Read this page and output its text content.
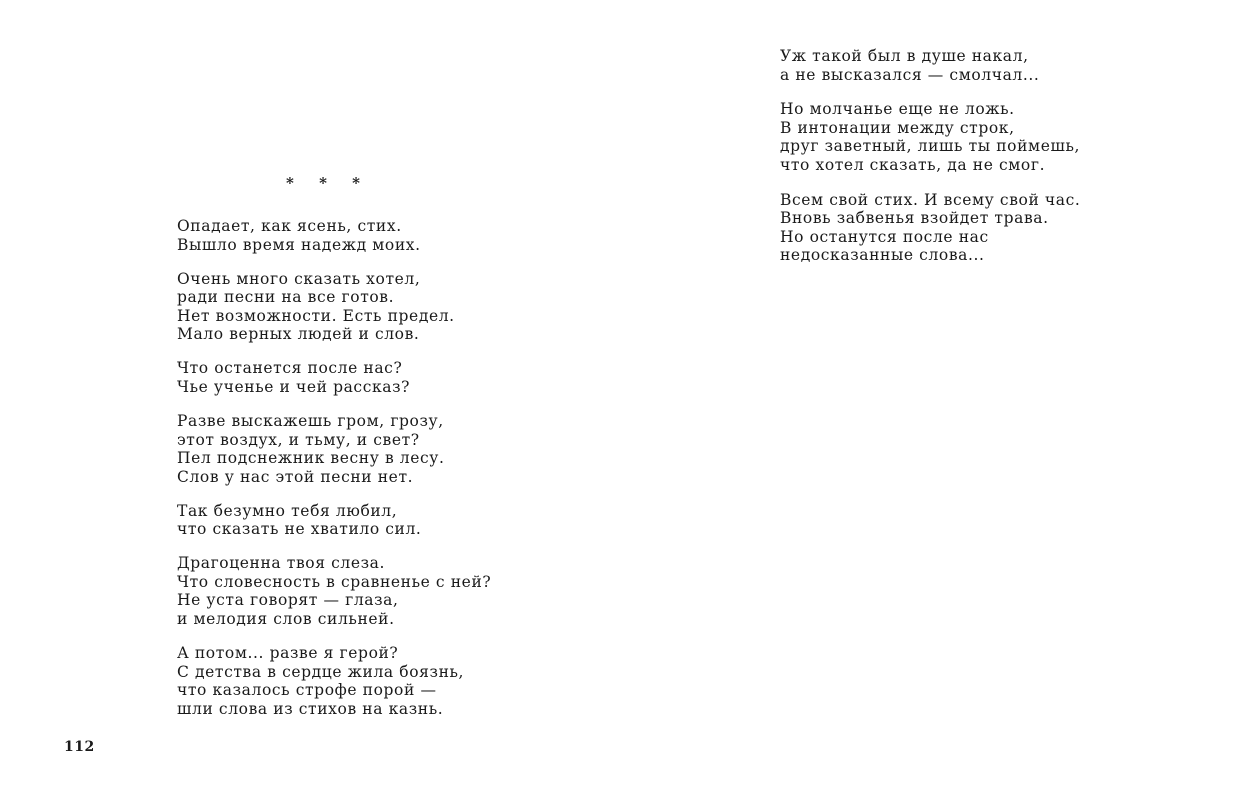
* * *
Опадает, как ясень, стих.
Вышло время надежд моих.
Очень много сказать хотел,
ради песни на все готов.
Нет возможности. Есть предел.
Мало верных людей и слов.
Что останется после нас?
Чье ученье и чей рассказ?
Разве выскажешь гром, грозу,
этот воздух, и тьму, и свет?
Пел подснежник весну в лесу.
Слов у нас этой песни нет.
Так безумно тебя любил,
что сказать не хватило сил.
Драгоценна твоя слеза.
Что словесность в сравненье с ней?
Не уста говорят — глаза,
и мелодия слов сильней.
А потом... разве я герой?
С детства в сердце жила боязнь,
что казалось строфе порой —
шли слова из стихов на казнь.
112
Уж такой был в душе накал,
а не высказался — смолчал...
Но молчанье еще не ложь.
В интонации между строк,
друг заветный, лишь ты поймешь,
что хотел сказать, да не смог.
Всем свой стих. И всему свой час.
Вновь забвенья взойдет трава.
Но останутся после нас
недосказанные слова...
